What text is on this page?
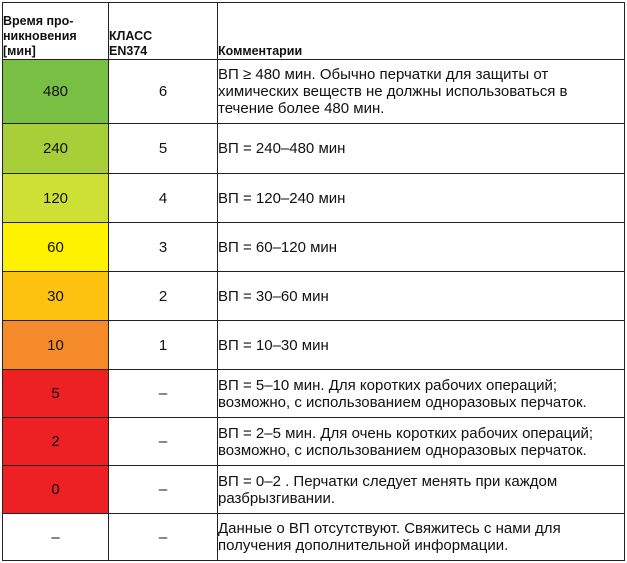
Время про-никновения [мин]	КЛАСС EN374	Комментарии
480	6	ВП ≥ 480 мин. Обычно перчатки для защиты от химических веществ не должны использоваться в течение более 480 мин.
240	5	ВП = 240–480 мин
120	4	ВП = 120–240 мин
60	3	ВП = 60–120 мин
30	2	ВП = 30–60 мин
10	1	ВП = 10–30 мин
5	–	ВП = 5–10 мин. Для коротких рабочих операций; возможно, с использованием одноразовых перчаток.
2	–	ВП = 2–5 мин. Для очень коротких рабочих операций; возможно, с использованием одноразовых перчаток.
0	–	ВП = 0–2 . Перчатки следует менять при каждом разбрызгивании.
–	–	Данные о ВП отсутствуют. Свяжитесь с нами для получения дополнительной информации.
